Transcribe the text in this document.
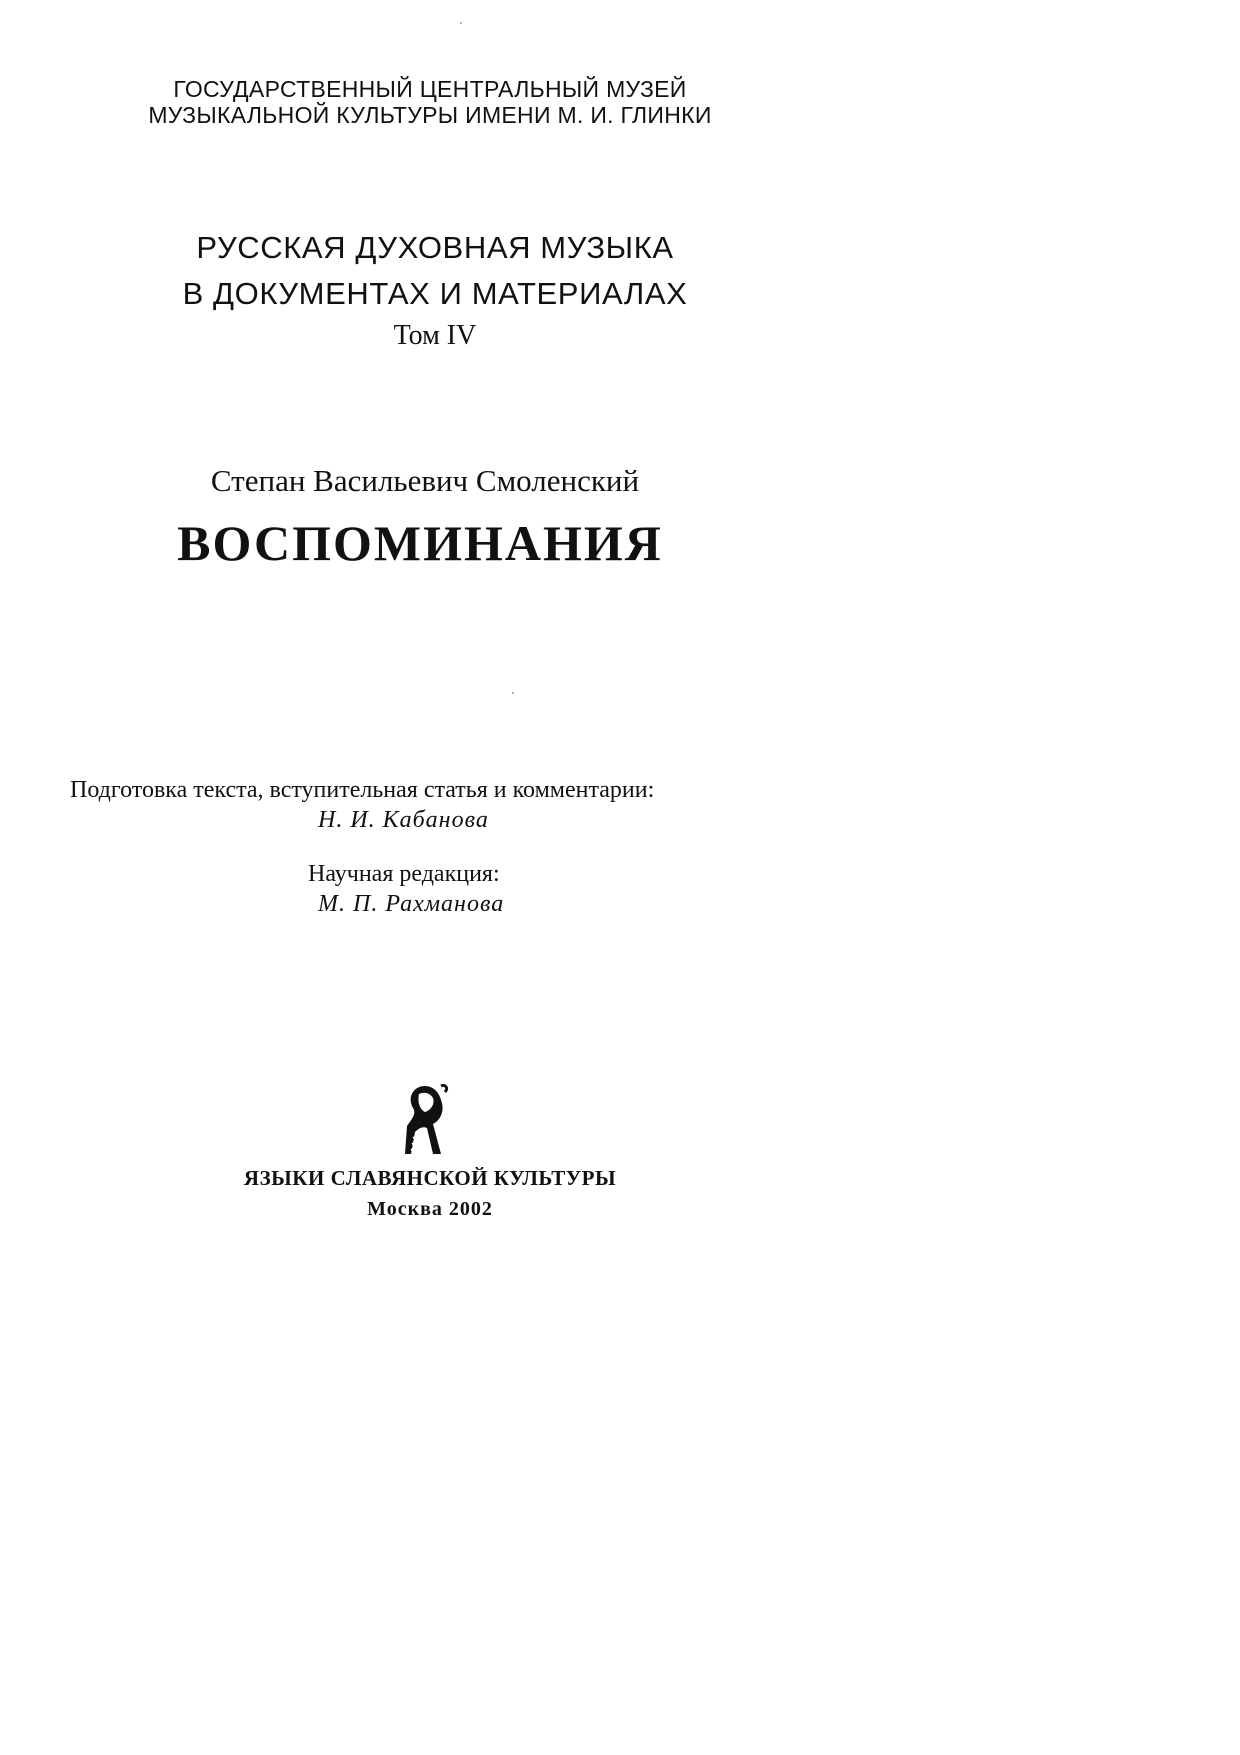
ГОСУДАРСТВЕННЫЙ ЦЕНТРАЛЬНЫЙ МУЗЕЙ
МУЗЫКАЛЬНОЙ КУЛЬТУРЫ ИМЕНИ М. И. ГЛИНКИ
РУССКАЯ ДУХОВНАЯ МУЗЫКА
В ДОКУМЕНТАХ И МАТЕРИАЛАХ
Том IV
Степан Васильевич Смоленский
ВОСПОМИНАНИЯ
Подготовка текста, вступительная статья и комментарии:
Н. И. Кабанова
Научная редакция:
М. П. Рахманова
ЯЗЫКИ СЛАВЯНСКОЙ КУЛЬТУРЫ
Москва 2002
